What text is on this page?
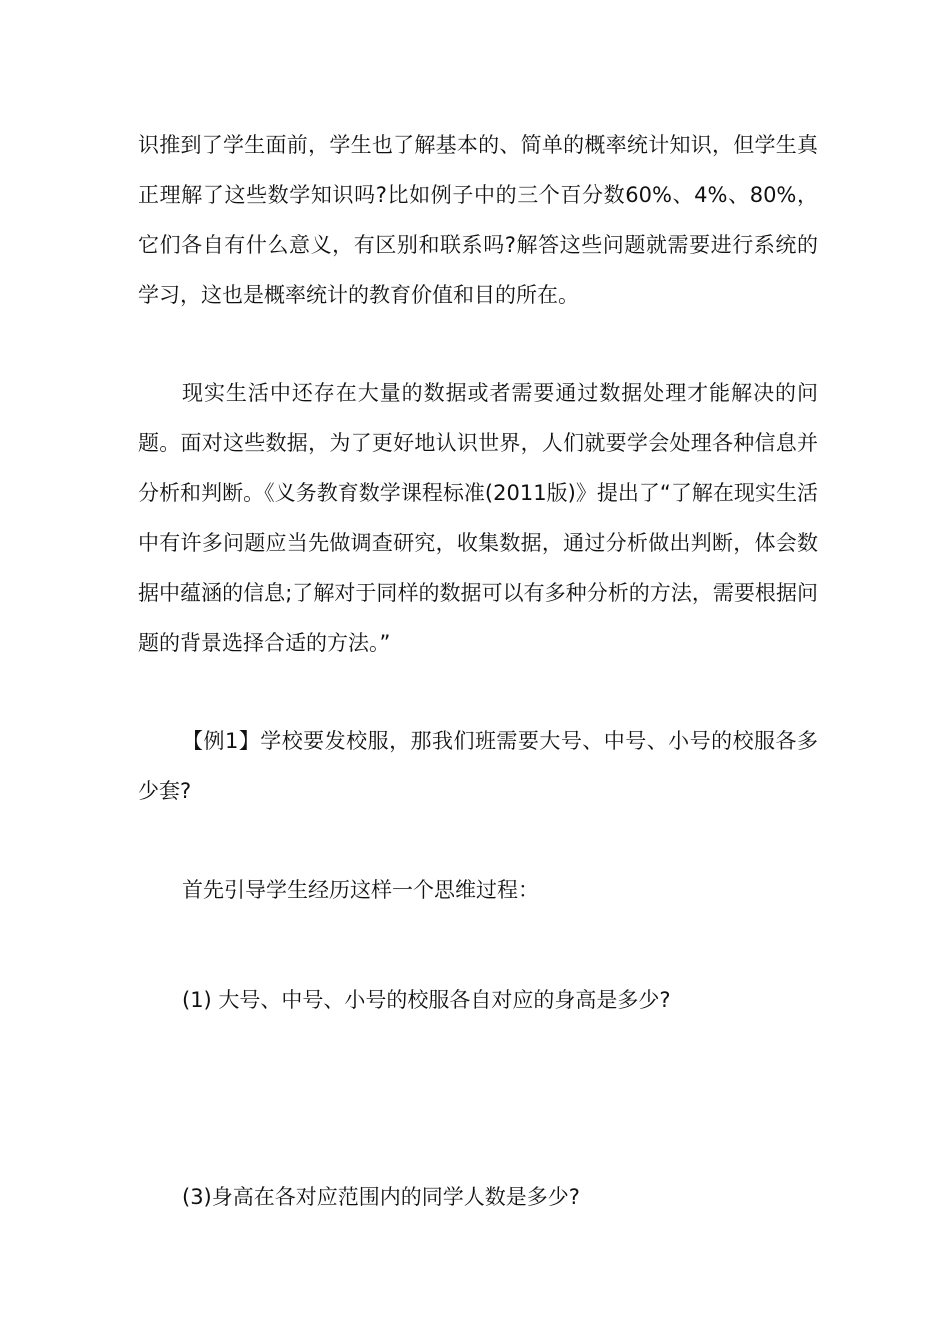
识推到了学生面前，学生也了解基本的、简单的概率统计知识，但学生真正理解了这些数学知识吗?比如例子中的三个百分数60%、4%、80%，它们各自有什么意义，有区别和联系吗?解答这些问题就需要进行系统的学习，这也是概率统计的教育价值和目的所在。

现实生活中还存在大量的数据或者需要通过数据处理才能解决的问题。面对这些数据，为了更好地认识世界，人们就要学会处理各种信息并分析和判断。《义务教育数学课程标准(2011版)》提出了“了解在现实生活中有许多问题应当先做调查研究，收集数据，通过分析做出判断，体会数据中蕴涵的信息;了解对于同样的数据可以有多种分析的方法，需要根据问题的背景选择合适的方法。”

【例1】学校要发校服，那我们班需要大号、中号、小号的校服各多少套?

首先引导学生经历这样一个思维过程：

(1) 大号、中号、小号的校服各自对应的身高是多少?

(3)身高在各对应范围内的同学人数是多少?
